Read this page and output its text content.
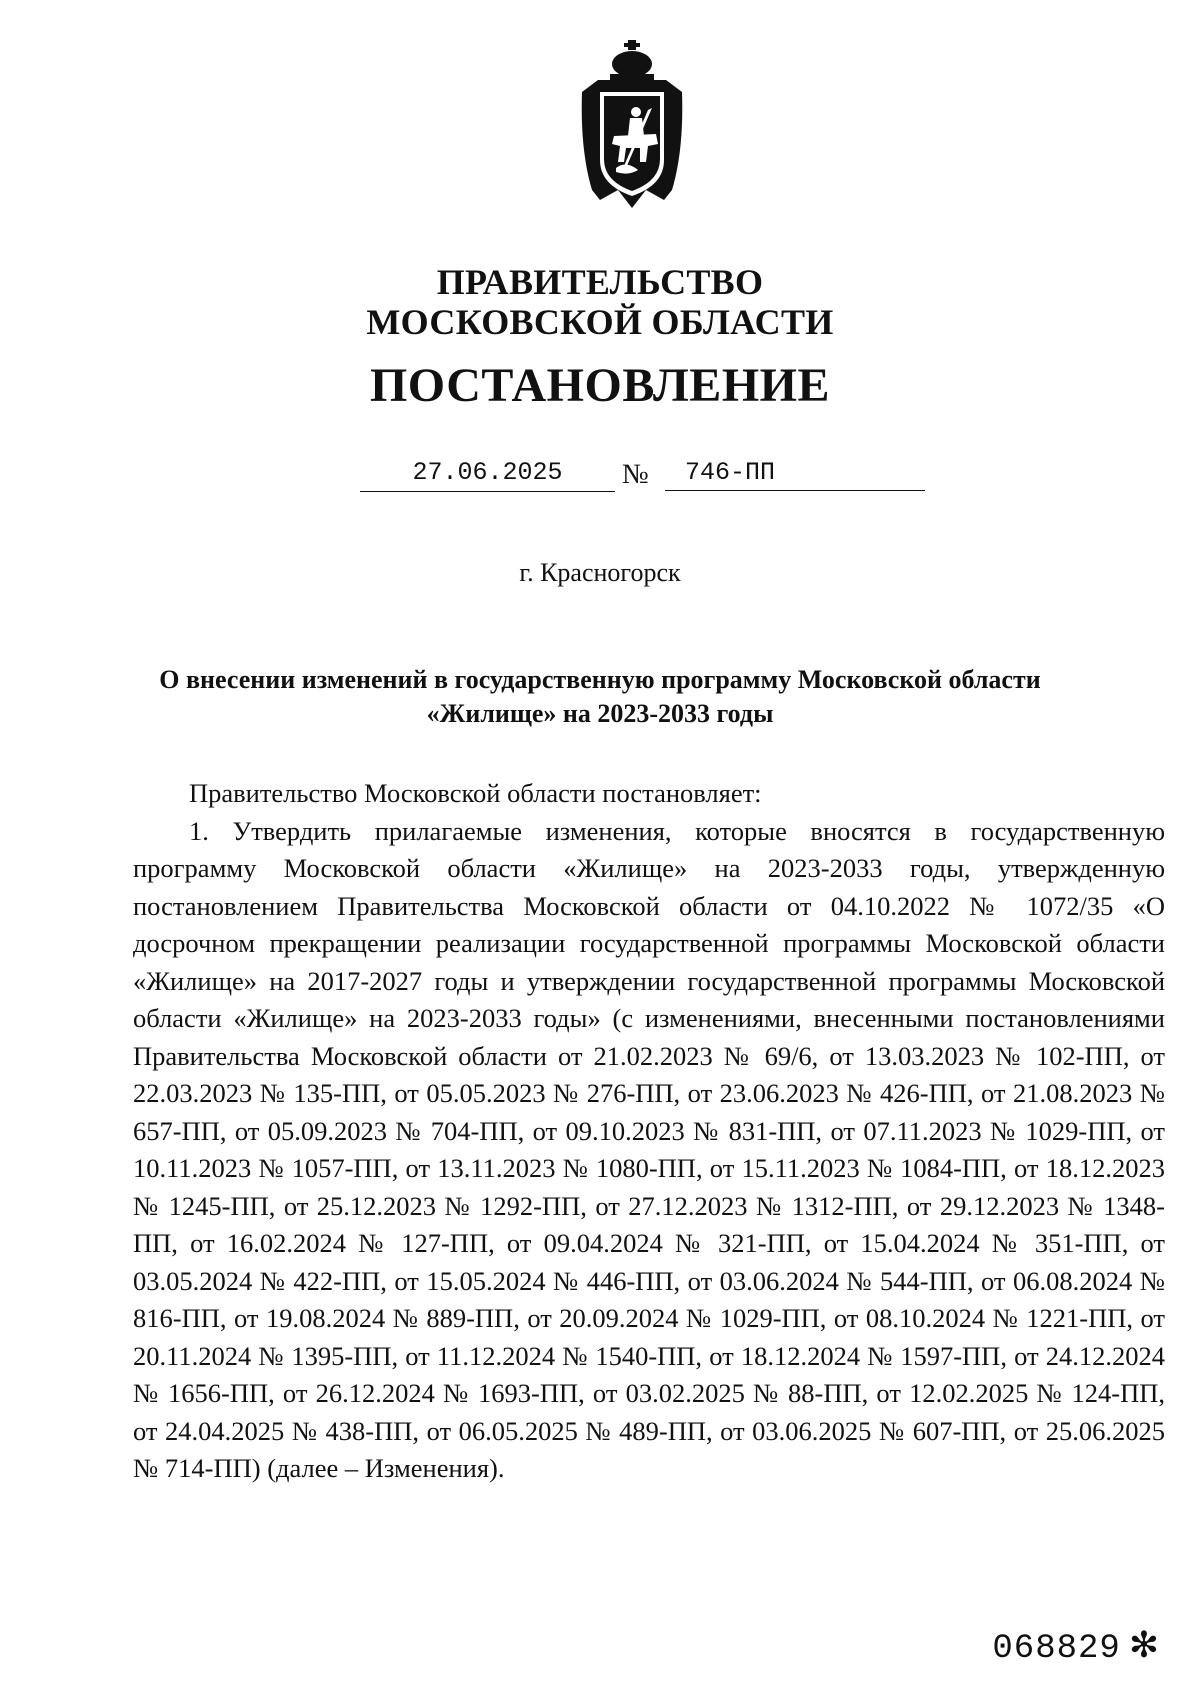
ПРАВИТЕЛЬСТВО
МОСКОВСКОЙ ОБЛАСТИ
ПОСТАНОВЛЕНИЕ
27.06.2025	№	746-ПП
г. Красногорск
О внесении изменений в государственную программу Московской области
«Жилище» на 2023-2033 годы

Правительство Московской области постановляет:

1. Утвердить прилагаемые изменения, которые вносятся в государственную программу Московской области «Жилище» на 2023-2033 годы, утвержденную постановлением Правительства Московской области от 04.10.2022 № 1072/35 «О досрочном прекращении реализации государственной программы Московской области «Жилище» на 2017-2027 годы и утверждении государственной программы Московской области «Жилище» на 2023-2033 годы» (с изменениями, внесенными постановлениями Правительства Московской области от 21.02.2023 № 69/6, от 13.03.2023 № 102-ПП, от 22.03.2023 № 135-ПП, от 05.05.2023 № 276-ПП, от 23.06.2023 № 426-ПП, от 21.08.2023 № 657-ПП, от 05.09.2023 № 704-ПП, от 09.10.2023 № 831-ПП, от 07.11.2023 № 1029-ПП, от 10.11.2023 № 1057-ПП, от 13.11.2023 № 1080-ПП, от 15.11.2023 № 1084-ПП, от 18.12.2023 № 1245-ПП, от 25.12.2023 № 1292-ПП, от 27.12.2023 № 1312-ПП, от 29.12.2023 № 1348-ПП, от 16.02.2024 № 127-ПП, от 09.04.2024 № 321-ПП, от 15.04.2024 № 351-ПП, от 03.05.2024 № 422-ПП, от 15.05.2024 № 446-ПП, от 03.06.2024 № 544-ПП, от 06.08.2024 № 816-ПП, от 19.08.2024 № 889-ПП, от 20.09.2024 № 1029-ПП, от 08.10.2024 № 1221-ПП, от 20.11.2024 № 1395-ПП, от 11.12.2024 № 1540-ПП, от 18.12.2024 № 1597-ПП, от 24.12.2024 № 1656-ПП, от 26.12.2024 № 1693-ПП, от 03.02.2025 № 88-ПП, от 12.02.2025 № 124-ПП, от 24.04.2025 № 438-ПП, от 06.05.2025 № 489-ПП, от 03.06.2025 № 607-ПП, от 25.06.2025 № 714-ПП) (далее – Изменения).

068829 ✻
